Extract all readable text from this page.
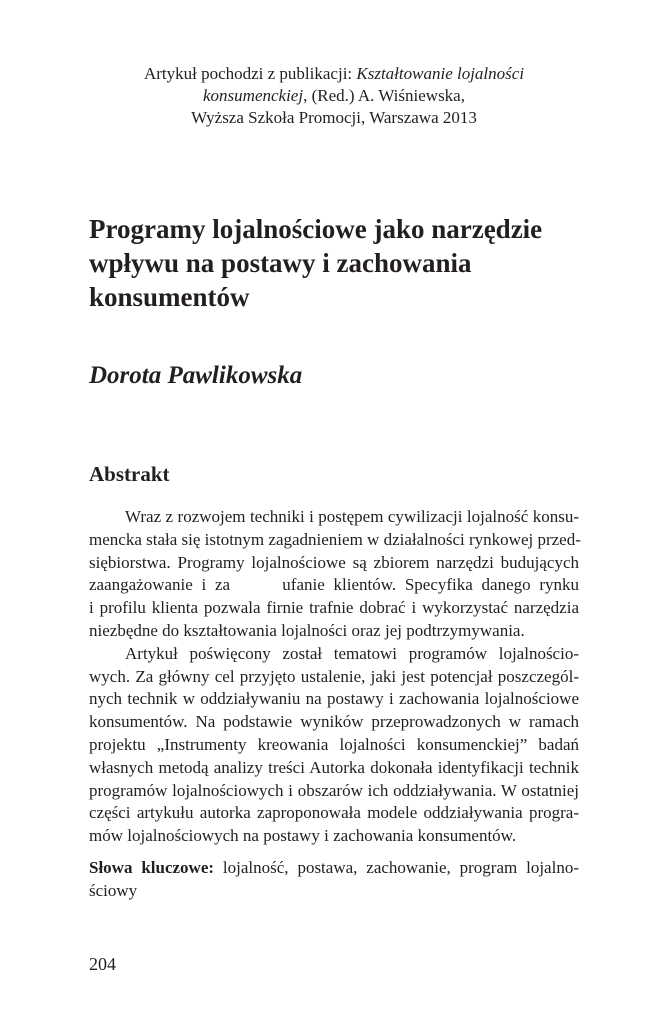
Artykuł pochodzi z publikacji: Kształtowanie lojalności
konsumenckiej, (Red.) A. Wiśniewska,
Wyższa Szkoła Promocji, Warszawa 2013
Programy lojalnościowe jako narzędzie
wpływu na postawy i zachowania
konsumentów
Dorota Pawlikowska
Abstrakt
Wraz z rozwojem techniki i postępem cywilizacji lojalność konsu-
mencka stała się istotnym zagadnieniem w działalności rynkowej przed-
siębiorstwa. Programy lojalnościowe są zbiorem narzędzi budujących
zaangażowanie i za      ufanie klientów. Specyfika danego rynku
i profilu klienta pozwala firnie trafnie dobrać i wykorzystać narzędzia
niezbędne do kształtowania lojalności oraz jej podtrzymywania.
Artykuł poświęcony został tematowi programów lojalnościo-
wych. Za główny cel przyjęto ustalenie, jaki jest potencjał poszczegól-
nych technik w oddziaływaniu na postawy i zachowania lojalnościowe
konsumentów. Na podstawie wyników przeprowadzonych w ramach
projektu „Instrumenty kreowania lojalności konsumenckiej” badań
własnych metodą analizy treści Autorka dokonała identyfikacji technik
programów lojalnościowych i obszarów ich oddziaływania. W ostatniej
części artykułu autorka zaproponowała modele oddziaływania progra-
mów lojalnościowych na postawy i zachowania konsumentów.
Słowa kluczowe: lojalność, postawa, zachowanie, program lojalno-
ściowy
204
